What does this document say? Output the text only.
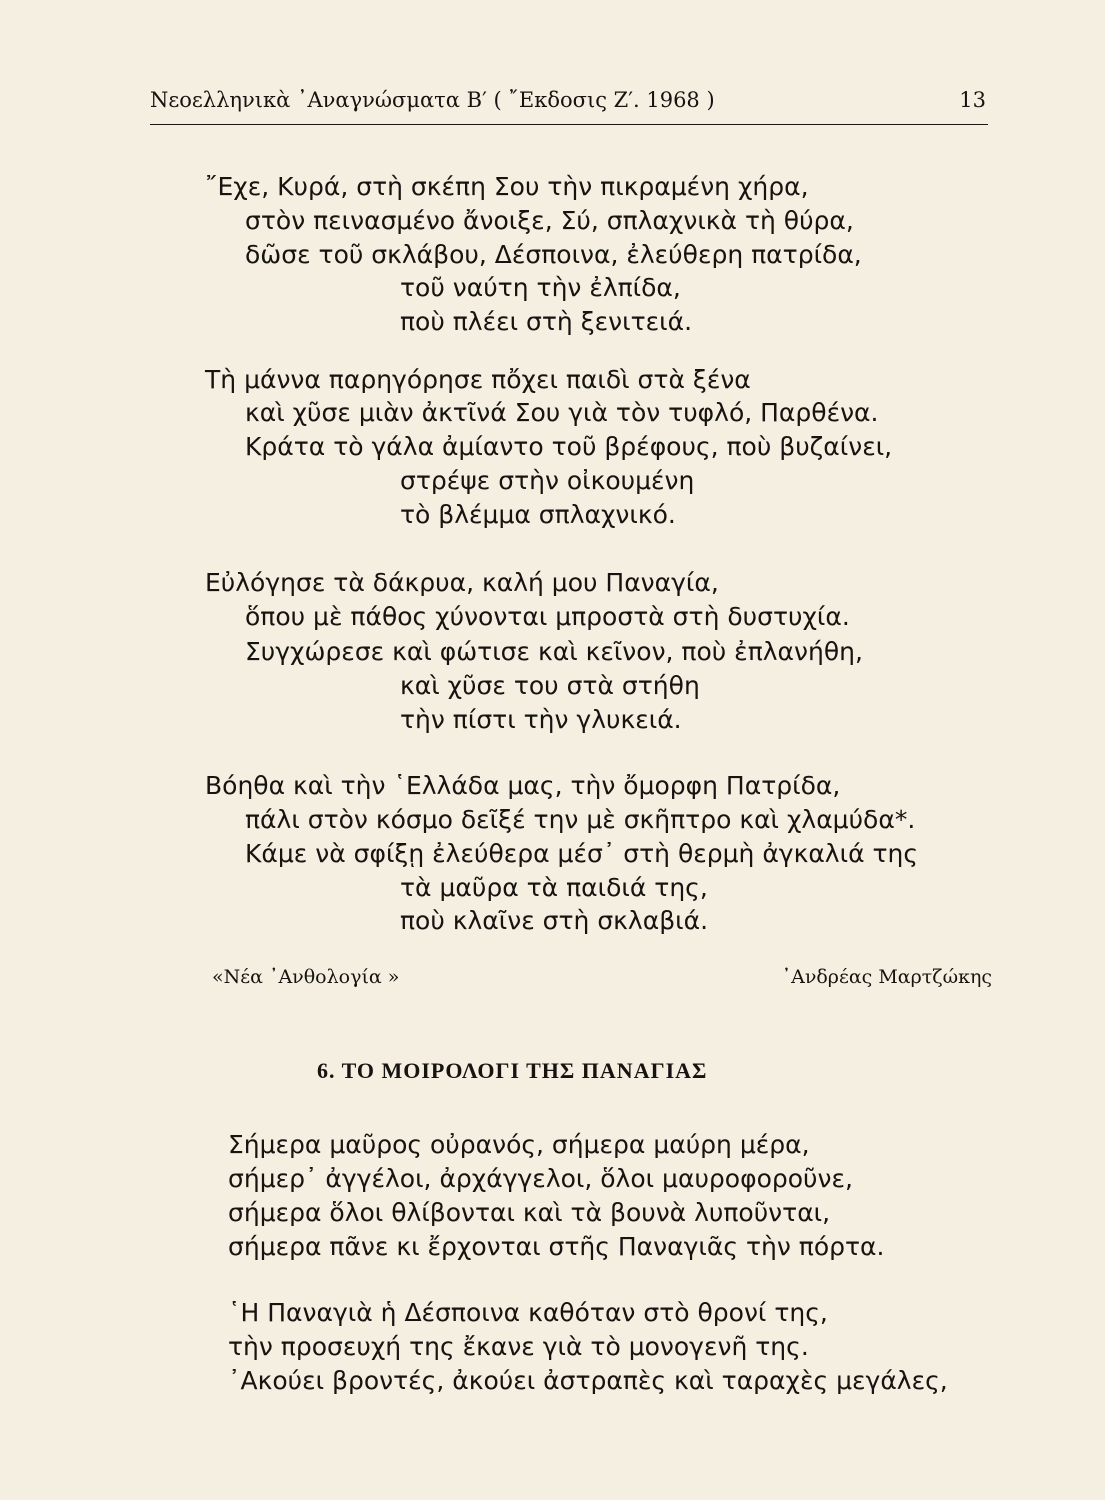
Νεοελληνικὰ ᾿Αναγνώσματα Β′ ( ῎Εκδοσις Ζ′. 1968 )	13
῎Εχε, Κυρά, στὴ σκέπη Σου τὴν πικραμένη χήρα,
στὸν πεινασμένο ἄνοιξε, Σύ, σπλαχνικὰ τὴ θύρα,
δῶσε τοῦ σκλάβου, Δέσποινα, ἐλεύθερη πατρίδα,
τοῦ ναύτη τὴν ἐλπίδα,
ποὺ πλέει στὴ ξενιτειά.
Τὴ μάννα παρηγόρησε πὄχει παιδὶ στὰ ξένα
καὶ χῦσε μιὰν ἀκτῖνά Σου γιὰ τὸν τυφλό, Παρθένα.
Κράτα τὸ γάλα ἀμίαντο τοῦ βρέφους, ποὺ βυζαίνει,
στρέψε στὴν οἰκουμένη
τὸ βλέμμα σπλαχνικό.
Εὐλόγησε τὰ δάκρυα, καλή μου Παναγία,
ὅπου μὲ πάθος χύνονται μπροστὰ στὴ δυστυχία.
Συγχώρεσε καὶ φώτισε καὶ κεῖνον, ποὺ ἐπλανήθη,
καὶ χῦσε του στὰ στήθη
τὴν πίστι τὴν γλυκειά.
Βόηθα καὶ τὴν ῾Ελλάδα μας, τὴν ὄμορφη Πατρίδα,
πάλι στὸν κόσμο δεῖξέ την μὲ σκῆπτρο καὶ χλαμύδα*.
Κάμε νὰ σφίξῃ ἐλεύθερα μέσ᾿ στὴ θερμὴ ἀγκαλιά της
τὰ μαῦρα τὰ παιδιά της,
ποὺ κλαῖνε στὴ σκλαβιά.
«Νέα ᾿Ανθολογία »	᾿Ανδρέας Μαρτζώκης
6. ΤΟ ΜΟΙΡΟΛΟΓΙ ΤΗΣ ΠΑΝΑΓΙΑΣ
Σήμερα μαῦρος οὐρανός, σήμερα μαύρη μέρα,
σήμερ᾿ ἀγγέλοι, ἀρχάγγελοι, ὅλοι μαυροφοροῦνε,
σήμερα ὅλοι θλίβονται καὶ τὰ βουνὰ λυποῦνται,
σήμερα πᾶνε κι ἔρχονται στῆς Παναγιᾶς τὴν πόρτα.
῾Η Παναγιὰ ἡ Δέσποινα καθόταν στὸ θρονί της,
τὴν προσευχή της ἔκανε γιὰ τὸ μονογενῆ της.
᾿Ακούει βροντές, ἀκούει ἀστραπὲς καὶ ταραχὲς μεγάλες,
